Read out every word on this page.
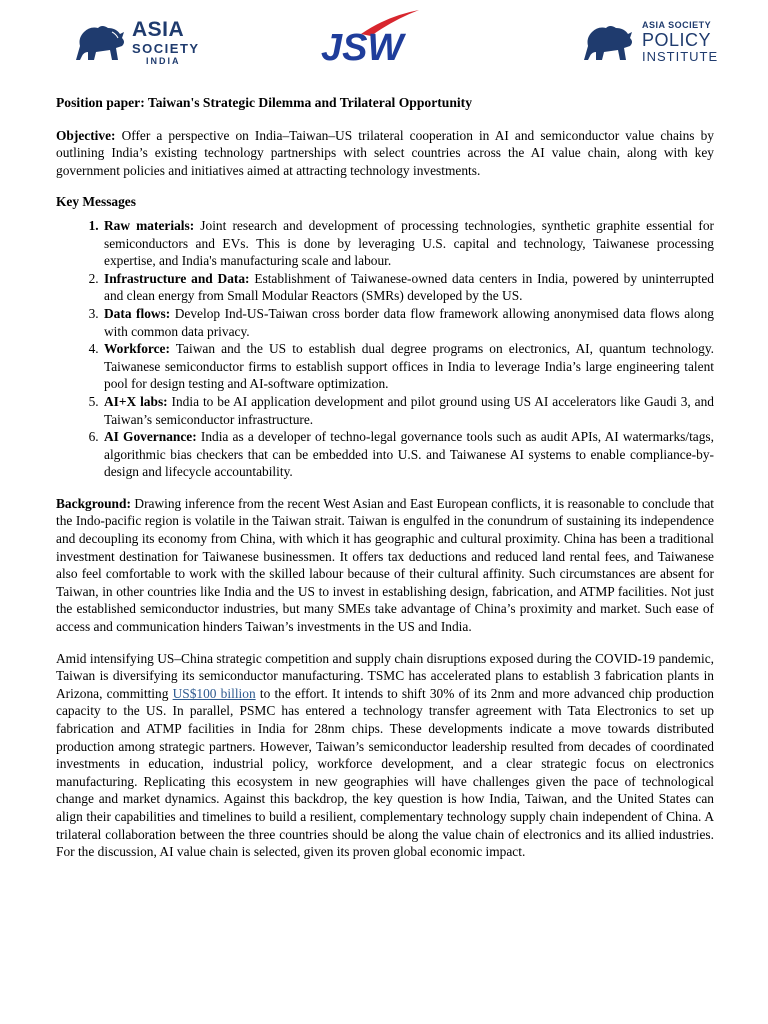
ASIA
SOCIETY
INDIA	JSW
ASIA SOCIETY
POLICY
INSTITUTE

Position paper: Taiwan's Strategic Dilemma and Trilateral Opportunity

Objective: Offer a perspective on India–Taiwan–US trilateral cooperation in AI and semiconductor value chains by outlining India’s existing technology partnerships with select countries across the AI value chain, along with key government policies and initiatives aimed at attracting technology investments.

Key Messages

1. Raw materials: Joint research and development of processing technologies, synthetic graphite essential for semiconductors and EVs. This is done by leveraging U.S. capital and technology, Taiwanese processing expertise, and India's manufacturing scale and labour.
2. Infrastructure and Data: Establishment of Taiwanese-owned data centers in India, powered by uninterrupted and clean energy from Small Modular Reactors (SMRs) developed by the US.
3. Data flows: Develop Ind-US-Taiwan cross border data flow framework allowing anonymised data flows along with common data privacy.
4. Workforce: Taiwan and the US to establish dual degree programs on electronics, AI, quantum technology. Taiwanese semiconductor firms to establish support offices in India to leverage India’s large engineering talent pool for design testing and AI-software optimization.
5. AI+X labs: India to be AI application development and pilot ground using US AI accelerators like Gaudi 3, and Taiwan’s semiconductor infrastructure.
6. AI Governance: India as a developer of techno-legal governance tools such as audit APIs, AI watermarks/tags, algorithmic bias checkers that can be embedded into U.S. and Taiwanese AI systems to enable compliance-by-design and lifecycle accountability.

Background: Drawing inference from the recent West Asian and East European conflicts, it is reasonable to conclude that the Indo-pacific region is volatile in the Taiwan strait. Taiwan is engulfed in the conundrum of sustaining its independence and decoupling its economy from China, with which it has geographic and cultural proximity. China has been a traditional investment destination for Taiwanese businessmen. It offers tax deductions and reduced land rental fees, and Taiwanese also feel comfortable to work with the skilled labour because of their cultural affinity. Such circumstances are absent for Taiwan, in other countries like India and the US to invest in establishing design, fabrication, and ATMP facilities. Not just the established semiconductor industries, but many SMEs take advantage of China’s proximity and market. Such ease of access and communication hinders Taiwan’s investments in the US and India.

Amid intensifying US–China strategic competition and supply chain disruptions exposed during the COVID-19 pandemic, Taiwan is diversifying its semiconductor manufacturing. TSMC has accelerated plans to establish 3 fabrication plants in Arizona, committing US$100 billion to the effort. It intends to shift 30% of its 2nm and more advanced chip production capacity to the US. In parallel, PSMC has entered a technology transfer agreement with Tata Electronics to set up fabrication and ATMP facilities in India for 28nm chips. These developments indicate a move towards distributed production among strategic partners. However, Taiwan’s semiconductor leadership resulted from decades of coordinated investments in education, industrial policy, workforce development, and a clear strategic focus on electronics manufacturing. Replicating this ecosystem in new geographies will have challenges given the pace of technological change and market dynamics. Against this backdrop, the key question is how India, Taiwan, and the United States can align their capabilities and timelines to build a resilient, complementary technology supply chain independent of China. A trilateral collaboration between the three countries should be along the value chain of electronics and its allied industries. For the discussion, AI value chain is selected, given its proven global economic impact.
